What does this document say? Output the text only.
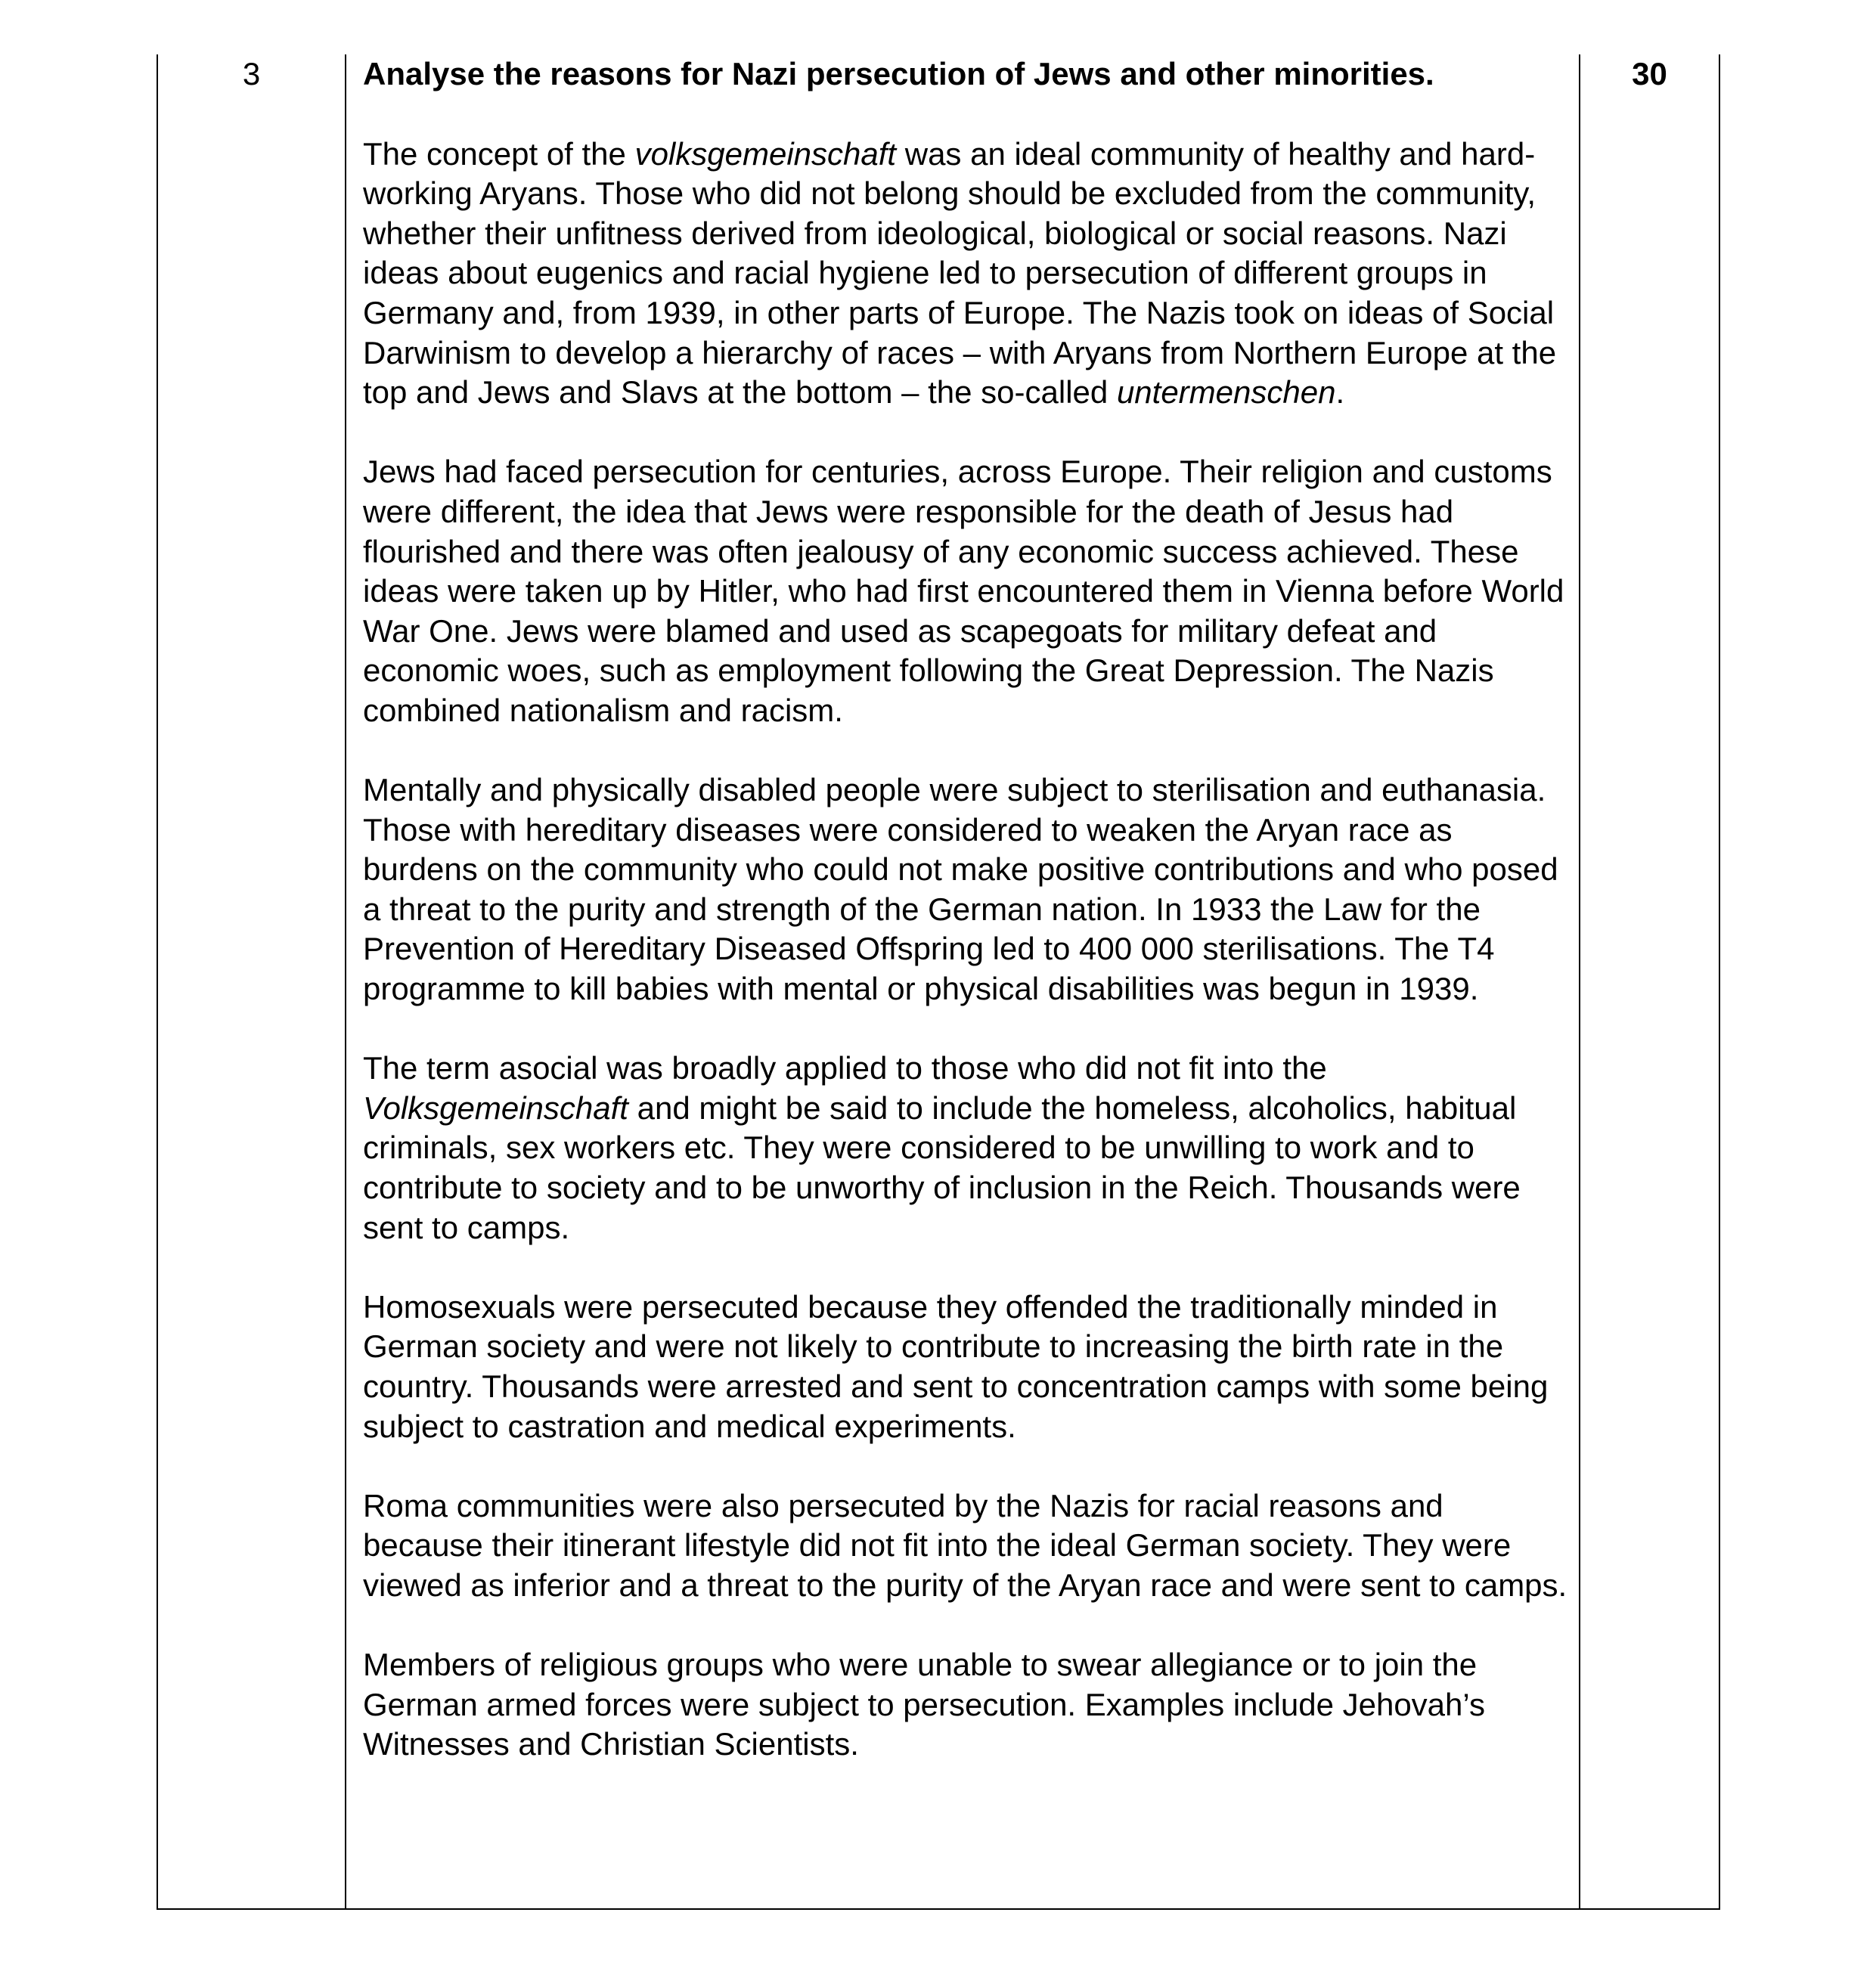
3	Analyse the reasons for Nazi persecution of Jews and other minorities.

The concept of the volksgemeinschaft was an ideal community of healthy and hard-working Aryans. Those who did not belong should be excluded from the community, whether their unfitness derived from ideological, biological or social reasons. Nazi ideas about eugenics and racial hygiene led to persecution of different groups in Germany and, from 1939, in other parts of Europe. The Nazis took on ideas of Social Darwinism to develop a hierarchy of races – with Aryans from Northern Europe at the top and Jews and Slavs at the bottom – the so-called untermenschen.

Jews had faced persecution for centuries, across Europe. Their religion and customs were different, the idea that Jews were responsible for the death of Jesus had flourished and there was often jealousy of any economic success achieved. These ideas were taken up by Hitler, who had first encountered them in Vienna before World War One. Jews were blamed and used as scapegoats for military defeat and economic woes, such as employment following the Great Depression. The Nazis combined nationalism and racism.

Mentally and physically disabled people were subject to sterilisation and euthanasia. Those with hereditary diseases were considered to weaken the Aryan race as burdens on the community who could not make positive contributions and who posed a threat to the purity and strength of the German nation. In 1933 the Law for the Prevention of Hereditary Diseased Offspring led to 400 000 sterilisations. The T4 programme to kill babies with mental or physical disabilities was begun in 1939.

The term asocial was broadly applied to those who did not fit into the Volksgemeinschaft and might be said to include the homeless, alcoholics, habitual criminals, sex workers etc. They were considered to be unwilling to work and to contribute to society and to be unworthy of inclusion in the Reich. Thousands were sent to camps.

Homosexuals were persecuted because they offended the traditionally minded in German society and were not likely to contribute to increasing the birth rate in the country. Thousands were arrested and sent to concentration camps with some being subject to castration and medical experiments.

Roma communities were also persecuted by the Nazis for racial reasons and because their itinerant lifestyle did not fit into the ideal German society. They were viewed as inferior and a threat to the purity of the Aryan race and were sent to camps.

Members of religious groups who were unable to swear allegiance or to join the German armed forces were subject to persecution. Examples include Jehovah’s Witnesses and Christian Scientists.

30
